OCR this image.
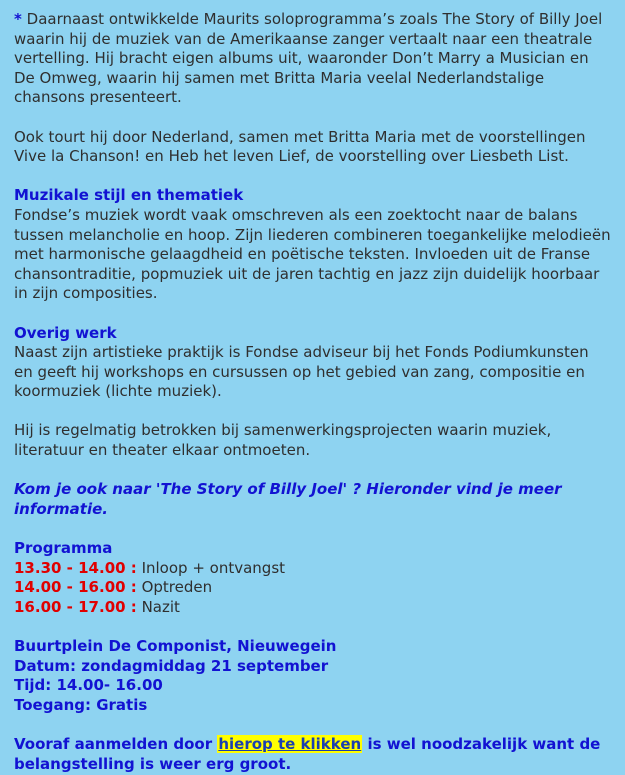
* Daarnaast ontwikkelde Maurits soloprogramma’s zoals The Story of Billy Joel waarin hij de muziek van de Amerikaanse zanger vertaalt naar een theatrale vertelling. Hij bracht eigen albums uit, waaronder Don’t Marry a Musician en De Omweg, waarin hij samen met Britta Maria veelal Nederlandstalige chansons presenteert.

Ook tourt hij door Nederland, samen met Britta Maria met de voorstellingen Vive la Chanson! en Heb het leven Lief, de voorstelling over Liesbeth List.

Muzikale stijl en thematiek

Fondse’s muziek wordt vaak omschreven als een zoektocht naar de balans tussen melancholie en hoop. Zijn liederen combineren toegankelijke melodieën met harmonische gelaagdheid en poëtische teksten. Invloeden uit de Franse chansontraditie, popmuziek uit de jaren tachtig en jazz zijn duidelijk hoorbaar in zijn composities.

Overig werk

Naast zijn artistieke praktijk is Fondse adviseur bij het Fonds Podiumkunsten en geeft hij workshops en cursussen op het gebied van zang, compositie en koormuziek (lichte muziek).

Hij is regelmatig betrokken bij samenwerkingsprojecten waarin muziek, literatuur en theater elkaar ontmoeten.

Kom je ook naar 'The Story of Billy Joel' ? Hieronder vind je meer informatie.

Programma

13.30 - 14.00 : Inloop + ontvangst

14.00 - 16.00 : Optreden

16.00 - 17.00 : Nazit

Buurtplein De Componist, Nieuwegein

Datum: zondagmiddag 21 september

Tijd: 14.00- 16.00

Toegang: Gratis

Vooraf aanmelden door hierop te klikken is wel noodzakelijk want de belangstelling is weer erg groot.
